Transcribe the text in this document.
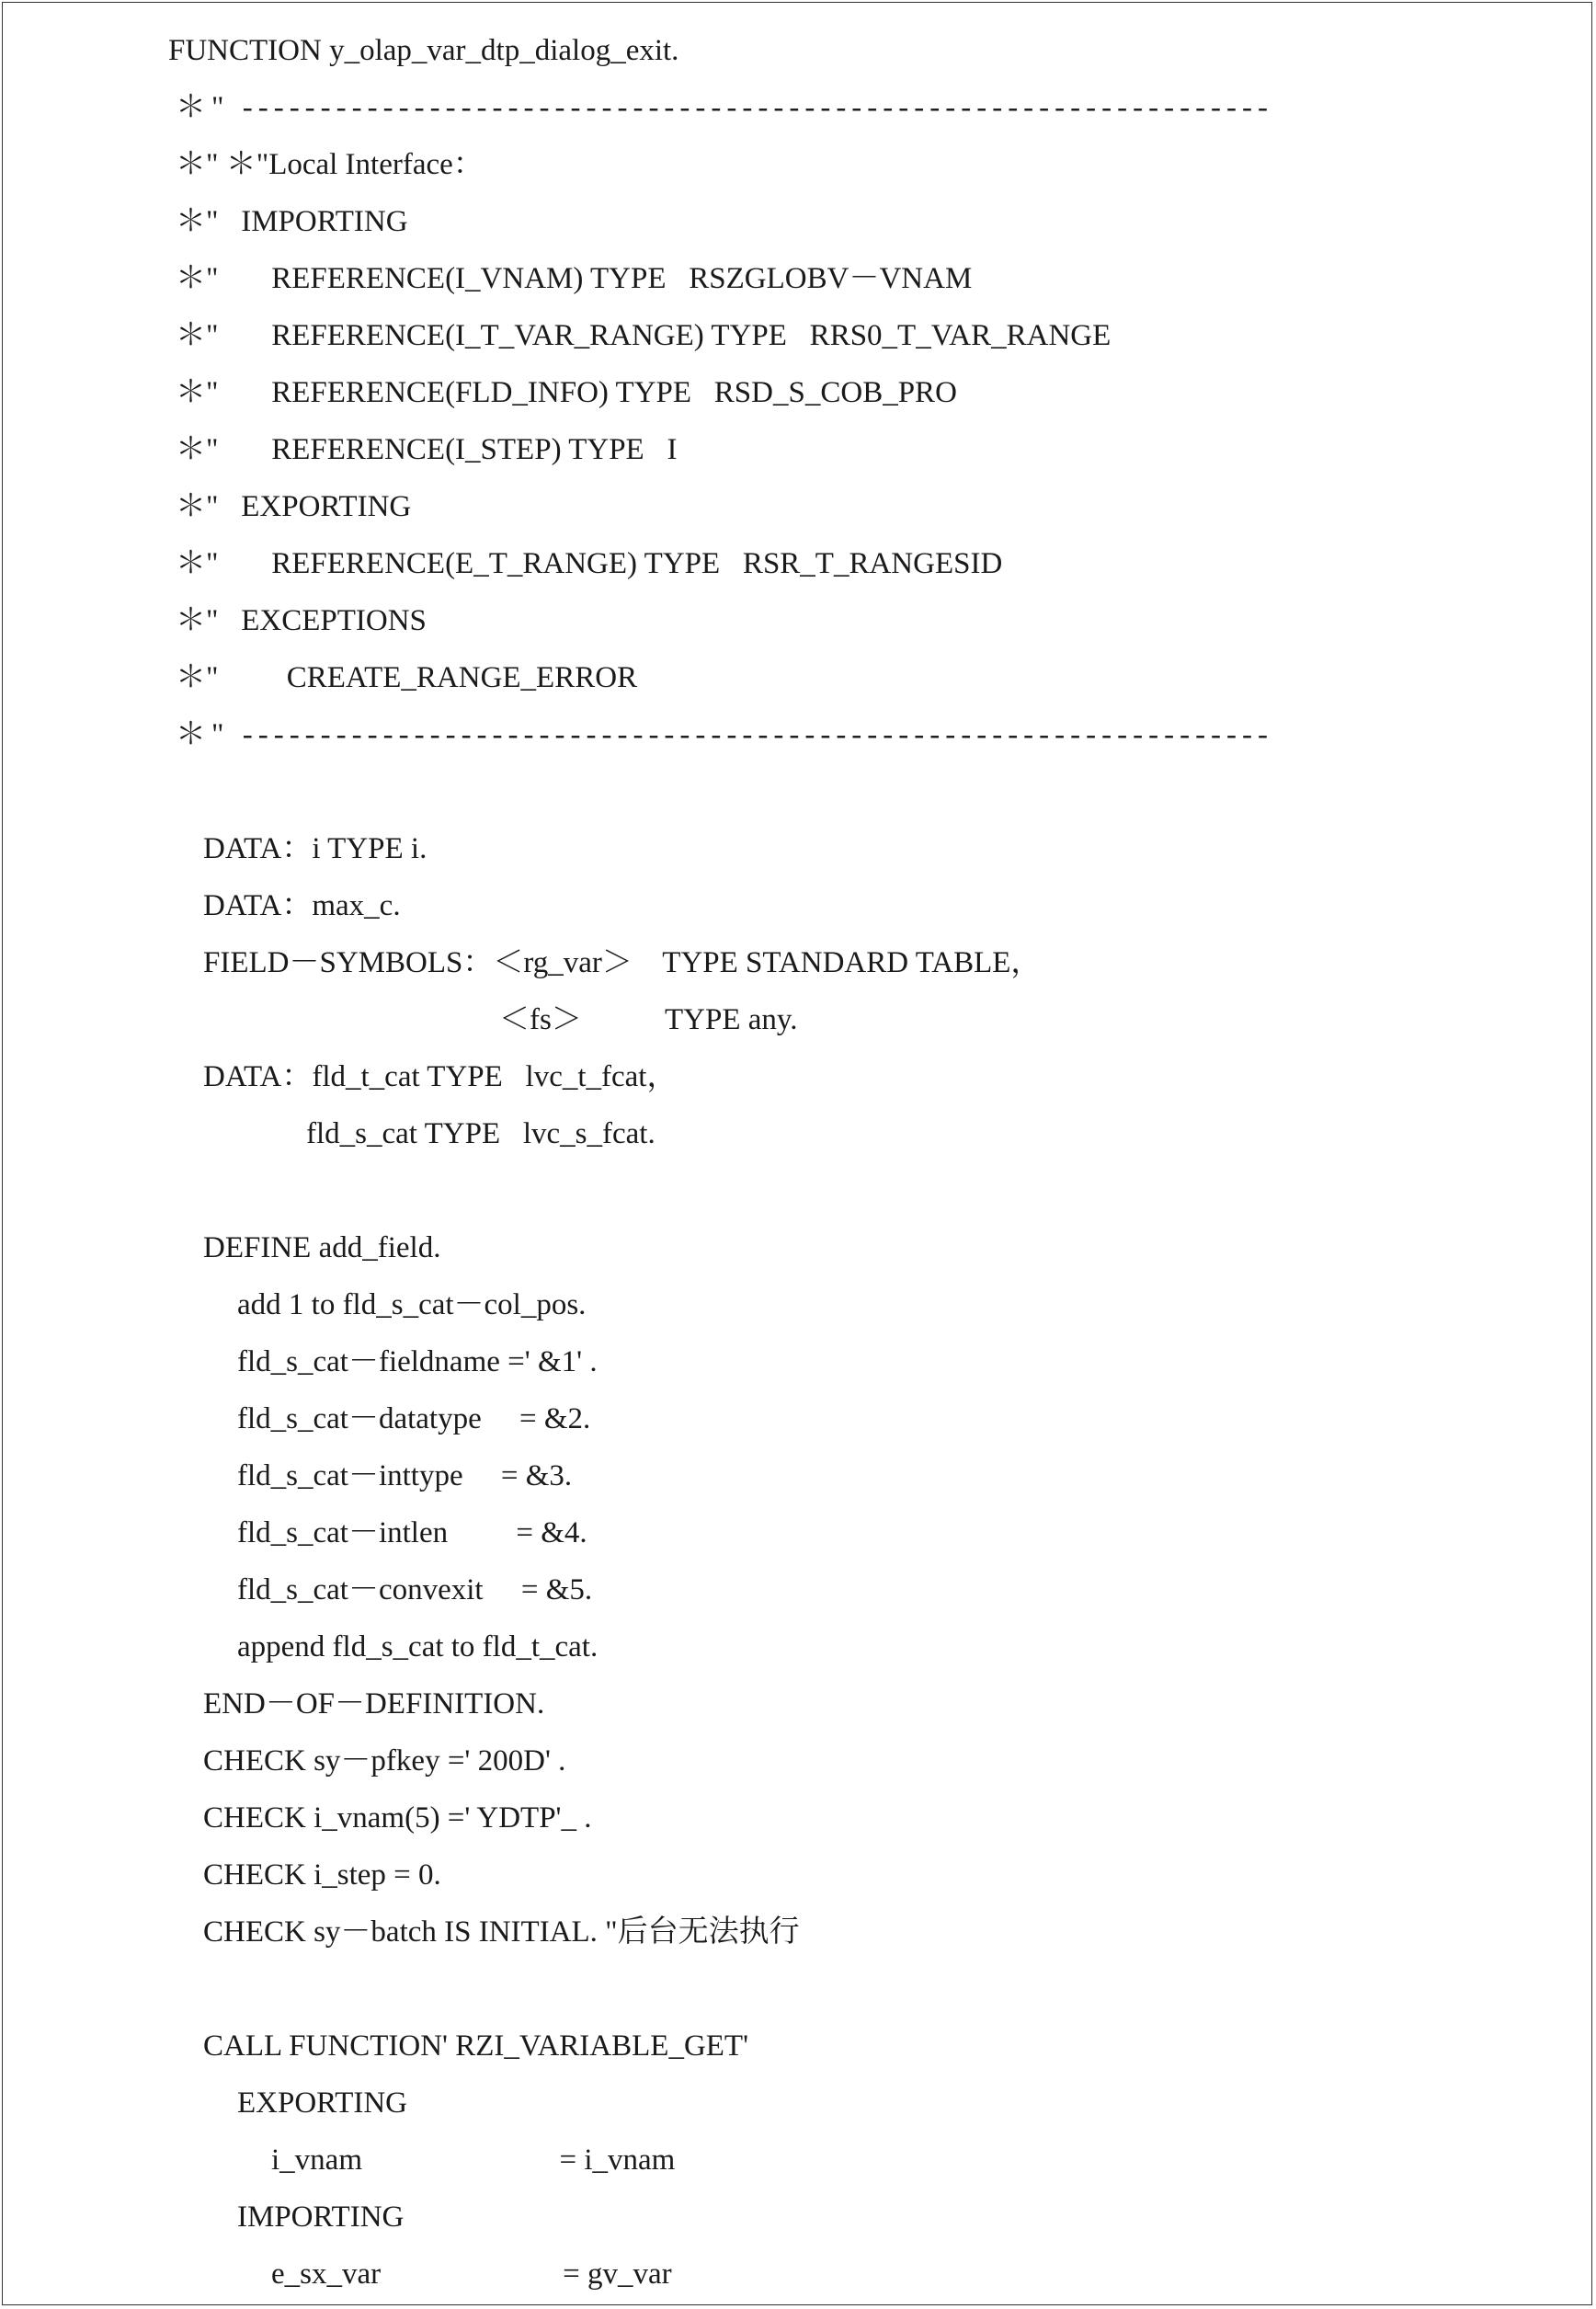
FUNCTION y_olap_var_dtp_dialog_exit.
＊" ------------------------------------------------------------------
＊" ＊"Local Interface：
＊"   IMPORTING
＊"       REFERENCE(I_VNAM) TYPE   RSZGLOBV－VNAM
＊"       REFERENCE(I_T_VAR_RANGE) TYPE   RRS0_T_VAR_RANGE
＊"       REFERENCE(FLD_INFO) TYPE   RSD_S_COB_PRO
＊"       REFERENCE(I_STEP) TYPE   I
＊"   EXPORTING
＊"       REFERENCE(E_T_RANGE) TYPE   RSR_T_RANGESID
＊"   EXCEPTIONS
＊"         CREATE_RANGE_ERROR
＊" ------------------------------------------------------------------
DATA：i TYPE i.
DATA：max_c.
FIELD－SYMBOLS：＜rg_var＞    TYPE STANDARD TABLE，
＜fs＞           TYPE any.
DATA：fld_t_cat TYPE   lvc_t_fcat，
fld_s_cat TYPE   lvc_s_fcat.
DEFINE add_field.
add 1 to fld_s_cat－col_pos.
fld_s_cat－fieldname =' &1' .
fld_s_cat－datatype     = &2.
fld_s_cat－inttype     = &3.
fld_s_cat－intlen         = &4.
fld_s_cat－convexit     = &5.
append fld_s_cat to fld_t_cat.
END－OF－DEFINITION.
CHECK sy－pfkey =' 200D' .
CHECK i_vnam(5) =' YDTP'_ .
CHECK i_step = 0.
CHECK sy－batch IS INITIAL. "后台无法执行
CALL FUNCTION' RZI_VARIABLE_GET'
EXPORTING
i_vnam                          = i_vnam
IMPORTING
e_sx_var                        = gv_var
